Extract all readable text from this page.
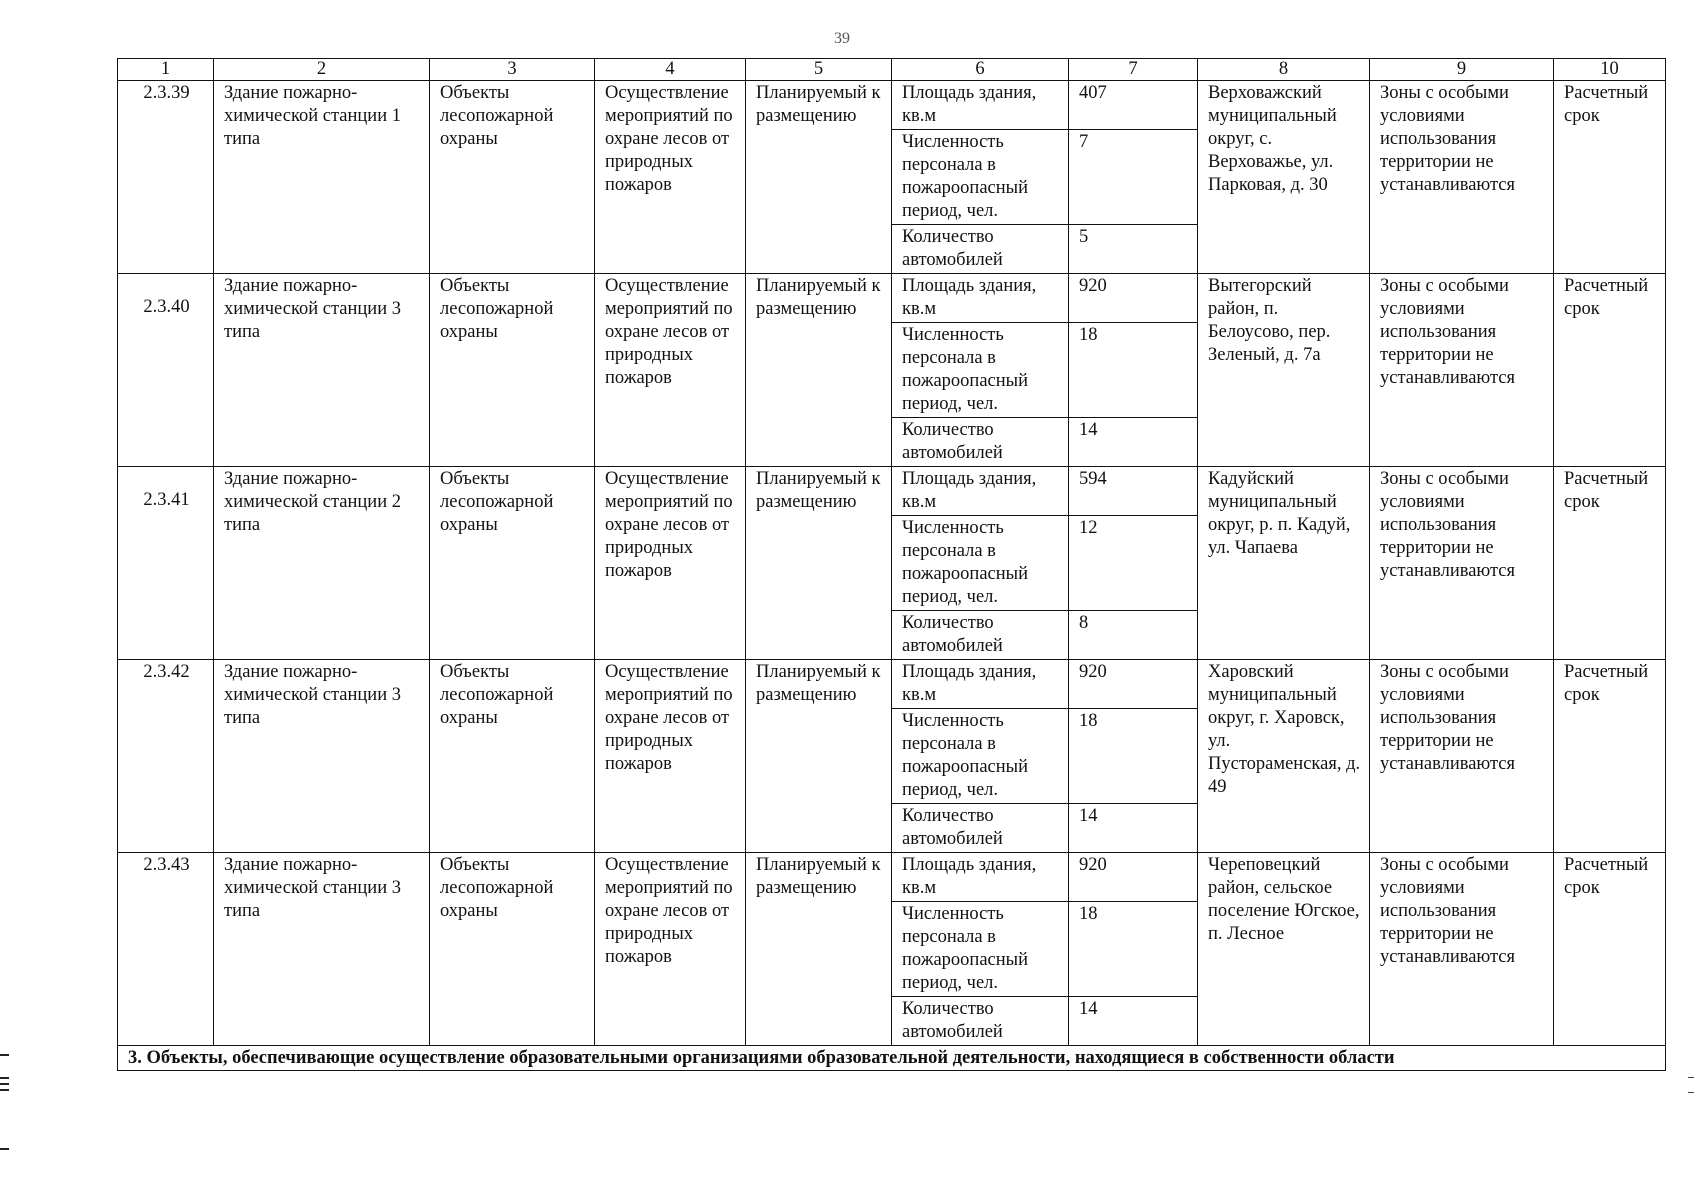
39
1	2	3	4	5	6	7	8	9	10
2.3.39	Здание пожарно-химической станции 1 типа	Объекты лесопожарной охраны	Осуществление мероприятий по охране лесов от природных пожаров	Планируемый к размещению	Площадь здания, кв.м	407	Верховажский муниципальный округ, с. Верховажье, ул. Парковая, д. 30	Зоны с особыми условиями использования территории не устанавливаются	Расчетный срок
					Численность персонала в пожароопасный период, чел.	7			
					Количество автомобилей	5			
2.3.40	Здание пожарно-химической станции 3 типа	Объекты лесопожарной охраны	Осуществление мероприятий по охране лесов от природных пожаров	Планируемый к размещению	Площадь здания, кв.м	920	Вытегорский район, п. Белоусово, пер. Зеленый, д. 7а	Зоны с особыми условиями использования территории не устанавливаются	Расчетный срок
					Численность персонала в пожароопасный период, чел.	18			
					Количество автомобилей	14			
2.3.41	Здание пожарно-химической станции 2 типа	Объекты лесопожарной охраны	Осуществление мероприятий по охране лесов от природных пожаров	Планируемый к размещению	Площадь здания, кв.м	594	Кадуйский муниципальный округ, р. п. Кадуй, ул. Чапаева	Зоны с особыми условиями использования территории не устанавливаются	Расчетный срок
					Численность персонала в пожароопасный период, чел.	12			
					Количество автомобилей	8			
2.3.42	Здание пожарно-химической станции 3 типа	Объекты лесопожарной охраны	Осуществление мероприятий по охране лесов от природных пожаров	Планируемый к размещению	Площадь здания, кв.м	920	Харовский муниципальный округ, г. Харовск, ул. Пустораменская, д. 49	Зоны с особыми условиями использования территории не устанавливаются	Расчетный срок
					Численность персонала в пожароопасный период, чел.	18			
					Количество автомобилей	14			
2.3.43	Здание пожарно-химической станции 3 типа	Объекты лесопожарной охраны	Осуществление мероприятий по охране лесов от природных пожаров	Планируемый к размещению	Площадь здания, кв.м	920	Череповецкий район, сельское поселение Югское, п. Лесное	Зоны с особыми условиями использования территории не устанавливаются	Расчетный срок
					Численность персонала в пожароопасный период, чел.	18			
					Количество автомобилей	14			
3. Объекты, обеспечивающие осуществление образовательными организациями образовательной деятельности, находящиеся в собственности области									
